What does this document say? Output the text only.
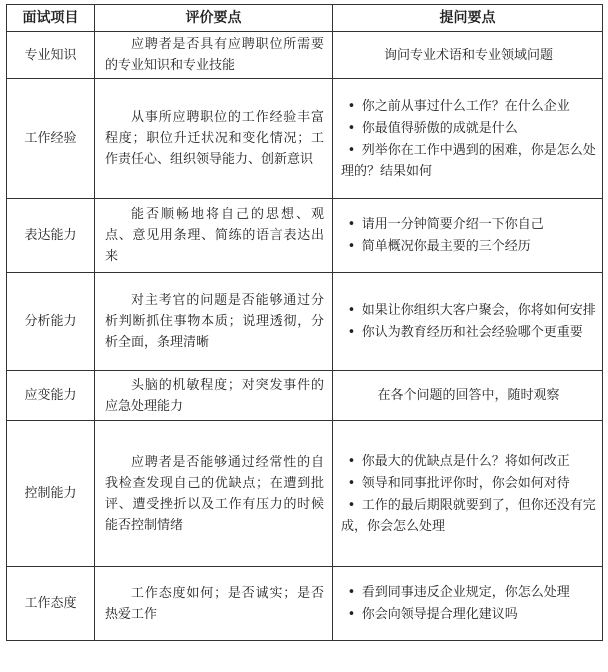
面试项目	评价要点	提问要点
专业知识	应聘者是否具有应聘职位所需要的专业知识和专业技能	询问专业术语和专业领域问题

工作经验	从事所应聘职位的工作经验丰富程度；职位升迁状况和变化情况；工作责任心、组织领导能力、创新意识	• 你之前从事过什么工作？在什么企业
• 你最值得骄傲的成就是什么
• 列举你在工作中遇到的困难，你是怎么处理的？结果如何

表达能力	能否顺畅地将自己的思想、观点、意见用条理、简练的语言表达出来	• 请用一分钟简要介绍一下你自己
• 简单概况你最主要的三个经历

分析能力	对主考官的问题是否能够通过分析判断抓住事物本质；说理透彻，分析全面，条理清晰	• 如果让你组织大客户聚会，你将如何安排
• 你认为教育经历和社会经验哪个更重要

应变能力	头脑的机敏程度；对突发事件的应急处理能力	在各个问题的回答中，随时观察

控制能力	应聘者是否能够通过经常性的自我检查发现自己的优缺点；在遭到批评、遭受挫折以及工作有压力的时候能否控制情绪	• 你最大的优缺点是什么？将如何改正
• 领导和同事批评你时，你会如何对待
• 工作的最后期限就要到了，但你还没有完成，你会怎么处理

工作态度	工作态度如何；是否诚实；是否热爱工作	• 看到同事违反企业规定，你怎么处理
• 你会向领导提合理化建议吗
